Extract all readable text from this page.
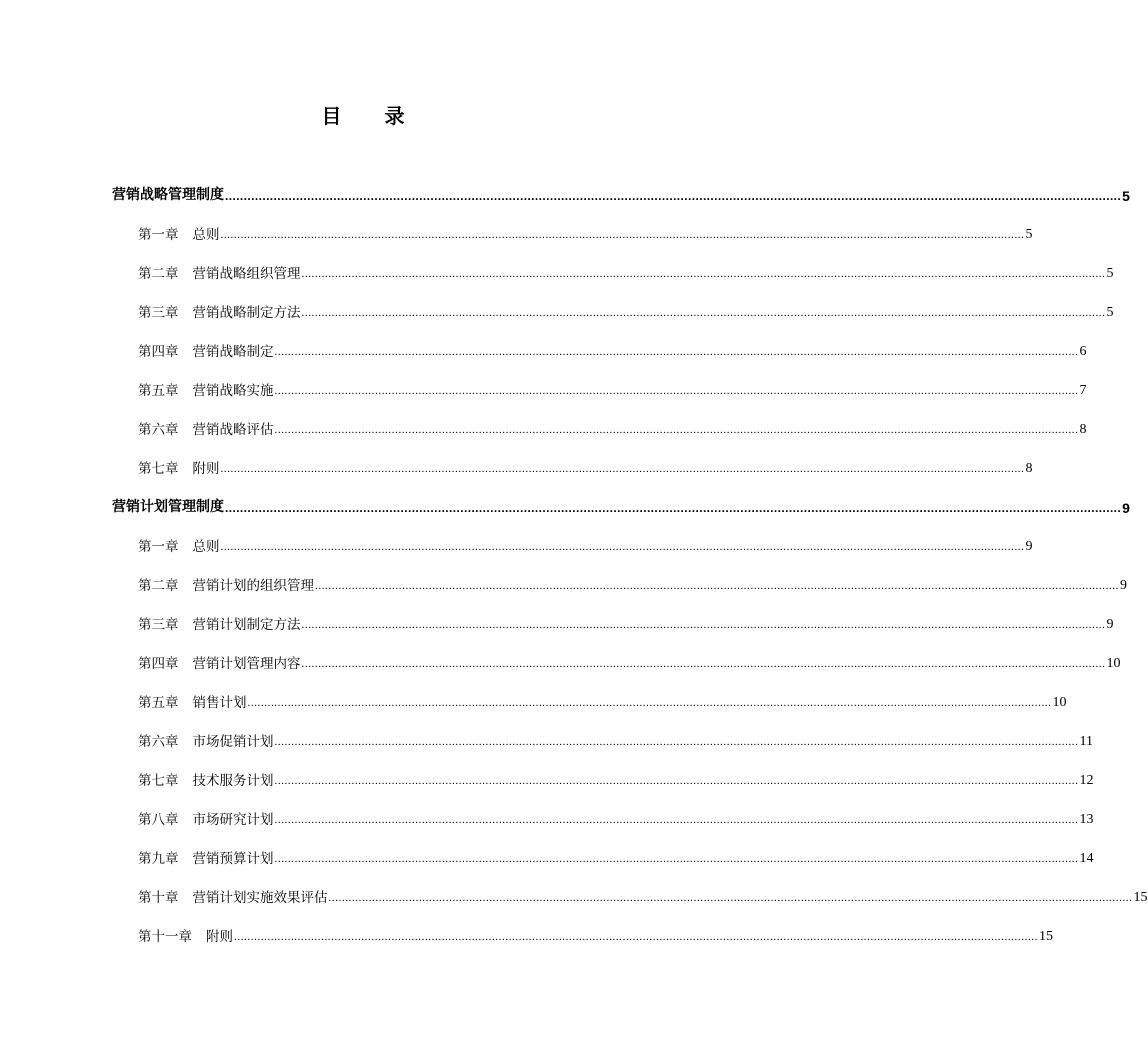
目 录
营销战略管理制度 ................................................................................................................................................................................................................................................ 5
第一章 总则 ................................................................................................................................................................................................................................................ 5
第二章 营销战略组织管理 ................................................................................................................................................................................................................................................ 5
第三章 营销战略制定方法 ................................................................................................................................................................................................................................................ 5
第四章 营销战略制定 ................................................................................................................................................................................................................................................ 6
第五章 营销战略实施 ................................................................................................................................................................................................................................................ 7
第六章 营销战略评估 ................................................................................................................................................................................................................................................ 8
第七章 附则 ................................................................................................................................................................................................................................................ 8
营销计划管理制度 ................................................................................................................................................................................................................................................ 9
第一章 总则 ................................................................................................................................................................................................................................................ 9
第二章 营销计划的组织管理 ................................................................................................................................................................................................................................................ 9
第三章 营销计划制定方法 ................................................................................................................................................................................................................................................ 9
第四章 营销计划管理内容 ................................................................................................................................................................................................................................................ 10
第五章 销售计划 ................................................................................................................................................................................................................................................ 10
第六章 市场促销计划 ................................................................................................................................................................................................................................................ 11
第七章 技术服务计划 ................................................................................................................................................................................................................................................ 12
第八章 市场研究计划 ................................................................................................................................................................................................................................................ 13
第九章 营销预算计划 ................................................................................................................................................................................................................................................ 14
第十章 营销计划实施效果评估 ................................................................................................................................................................................................................................................ 15
第十一章 附则 ................................................................................................................................................................................................................................................ 15
